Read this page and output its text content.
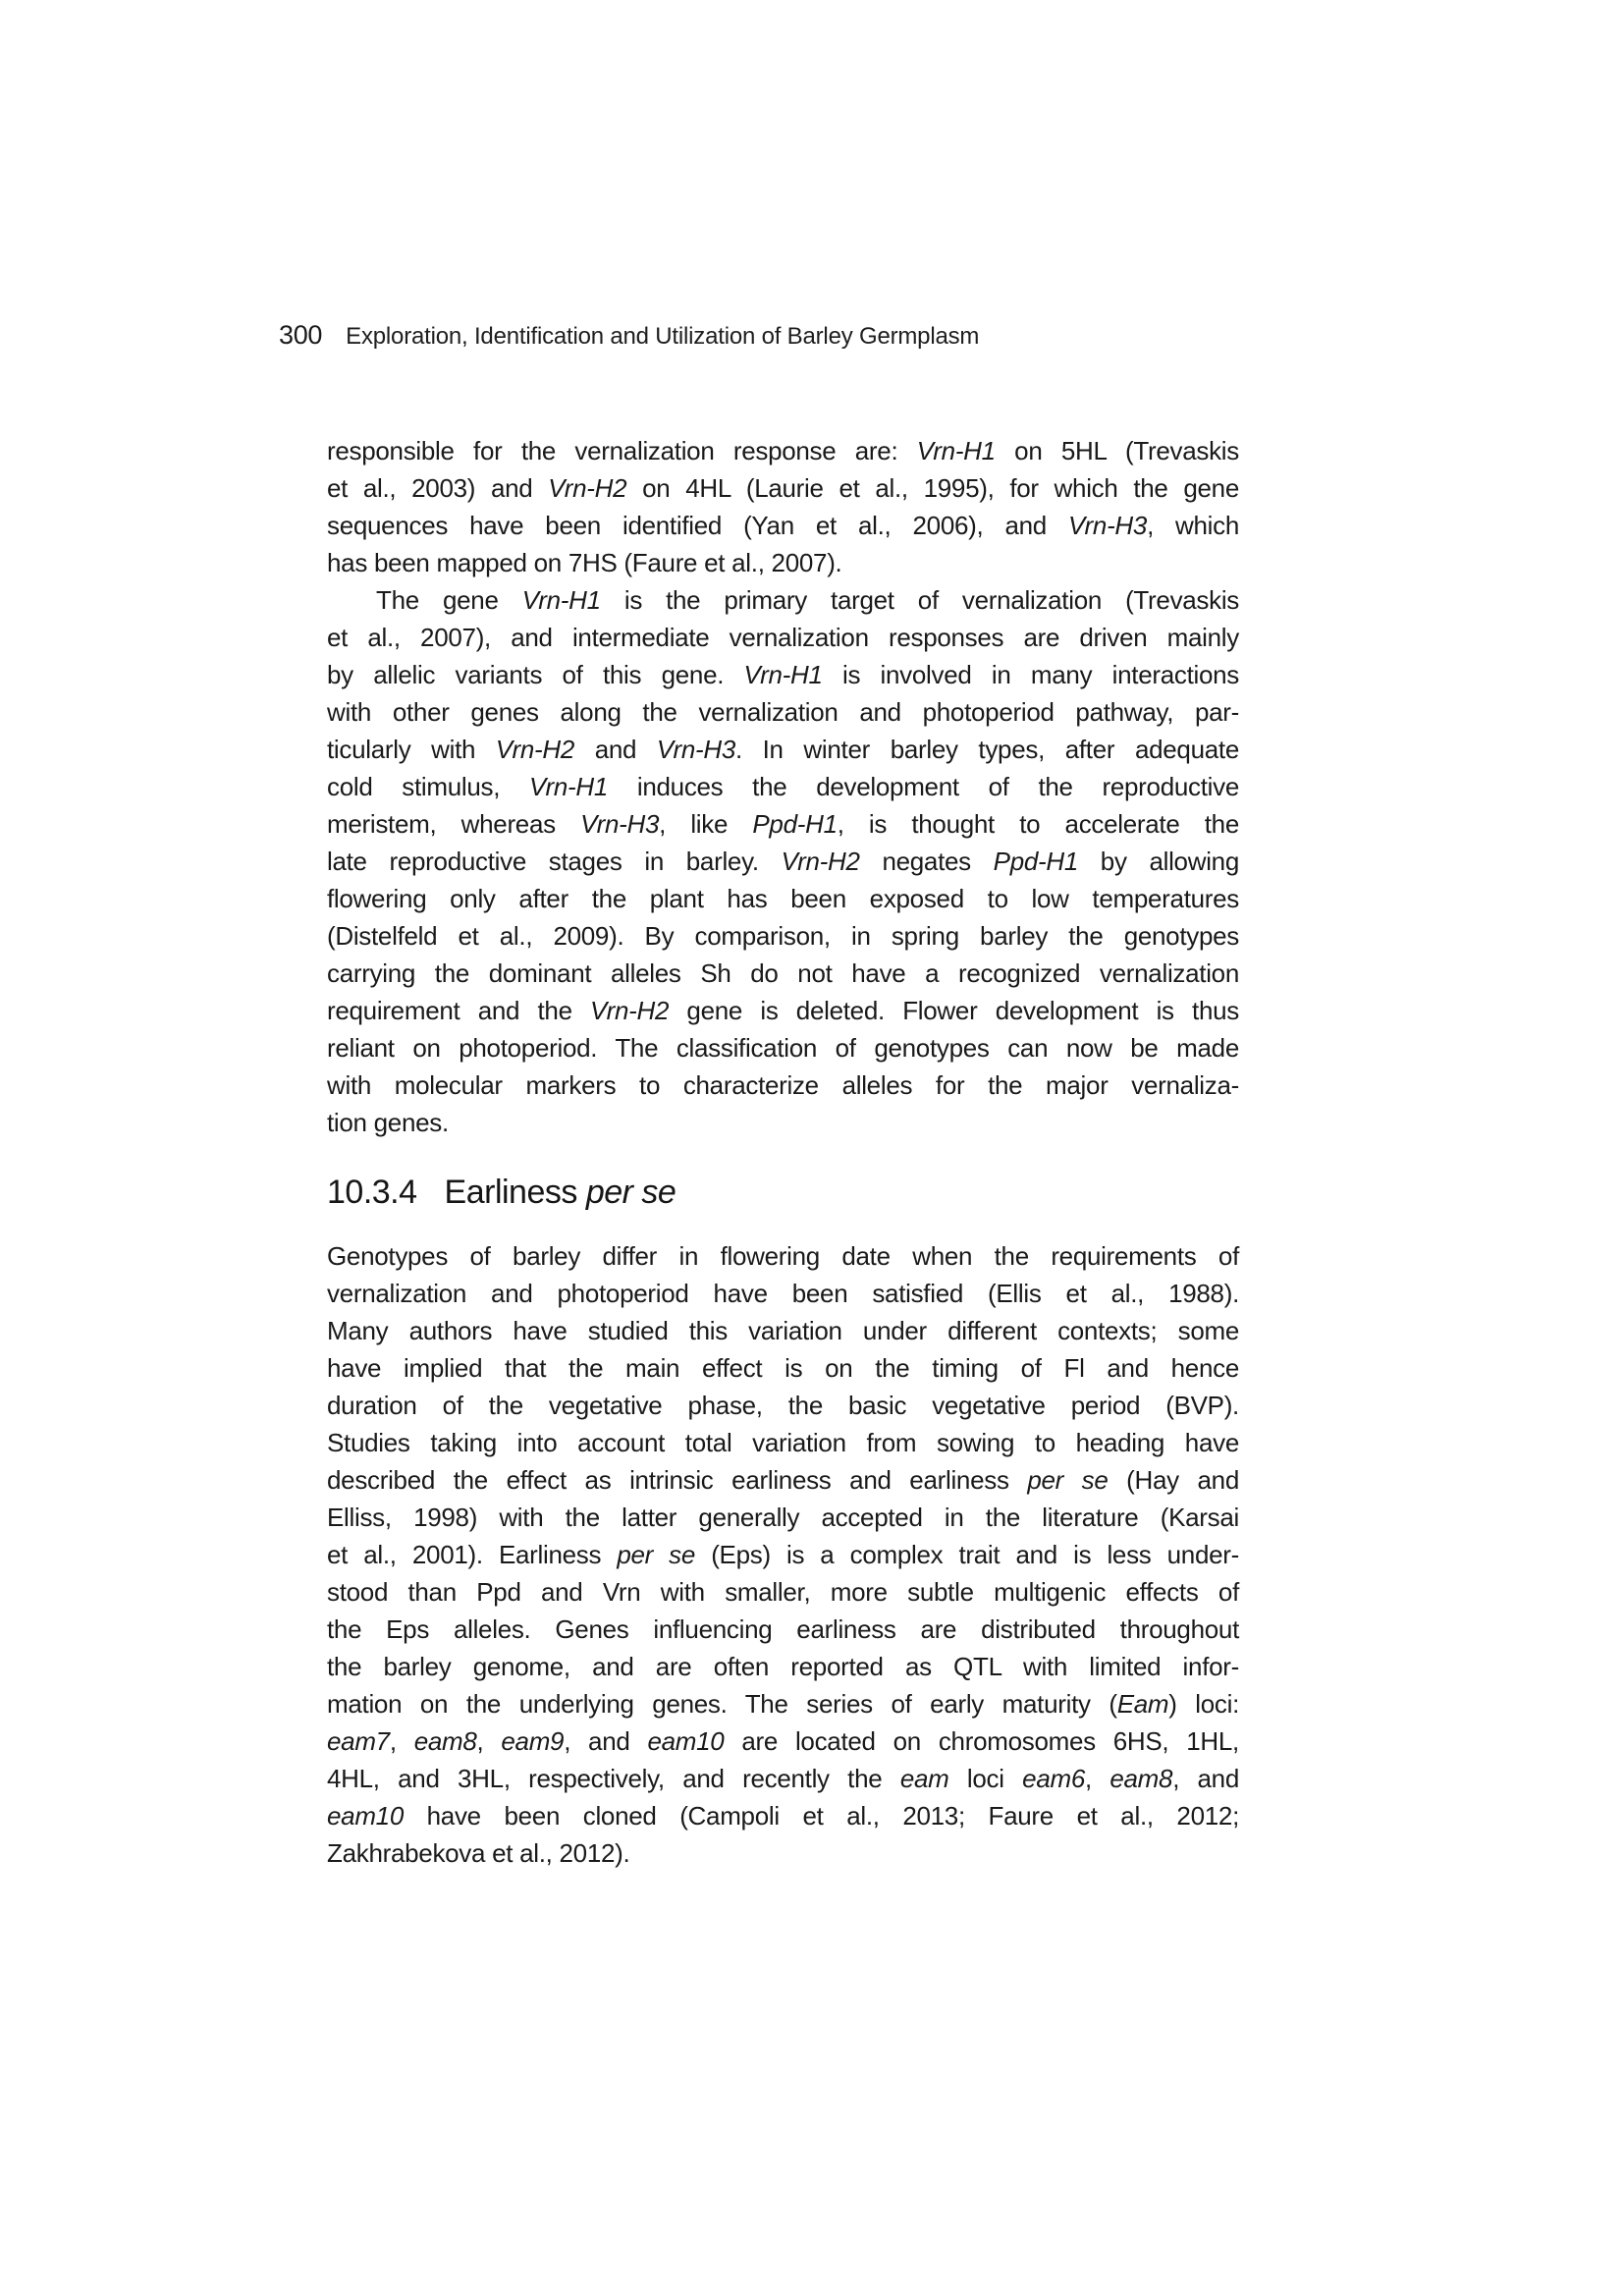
300 Exploration, Identification and Utilization of Barley Germplasm
responsible for the vernalization response are: Vrn-H1 on 5HL (Trevaskis
et al., 2003) and Vrn-H2 on 4HL (Laurie et al., 1995), for which the gene
sequences have been identified (Yan et al., 2006), and Vrn-H3, which
has been mapped on 7HS (Faure et al., 2007).
The gene Vrn-H1 is the primary target of vernalization (Trevaskis
et al., 2007), and intermediate vernalization responses are driven mainly
by allelic variants of this gene. Vrn-H1 is involved in many interactions
with other genes along the vernalization and photoperiod pathway, par-
ticularly with Vrn-H2 and Vrn-H3. In winter barley types, after adequate
cold stimulus, Vrn-H1 induces the development of the reproductive
meristem, whereas Vrn-H3, like Ppd-H1, is thought to accelerate the
late reproductive stages in barley. Vrn-H2 negates Ppd-H1 by allowing
flowering only after the plant has been exposed to low temperatures
(Distelfeld et al., 2009). By comparison, in spring barley the genotypes
carrying the dominant alleles Sh do not have a recognized vernalization
requirement and the Vrn-H2 gene is deleted. Flower development is thus
reliant on photoperiod. The classification of genotypes can now be made
with molecular markers to characterize alleles for the major vernaliza-
tion genes.
10.3.4 Earliness per se
Genotypes of barley differ in flowering date when the requirements of
vernalization and photoperiod have been satisfied (Ellis et al., 1988).
Many authors have studied this variation under different contexts; some
have implied that the main effect is on the timing of Fl and hence
duration of the vegetative phase, the basic vegetative period (BVP).
Studies taking into account total variation from sowing to heading have
described the effect as intrinsic earliness and earliness per se (Hay and
Elliss, 1998) with the latter generally accepted in the literature (Karsai
et al., 2001). Earliness per se (Eps) is a complex trait and is less under-
stood than Ppd and Vrn with smaller, more subtle multigenic effects of
the Eps alleles. Genes influencing earliness are distributed throughout
the barley genome, and are often reported as QTL with limited infor-
mation on the underlying genes. The series of early maturity (Eam) loci:
eam7, eam8, eam9, and eam10 are located on chromosomes 6HS, 1HL,
4HL, and 3HL, respectively, and recently the eam loci eam6, eam8, and
eam10 have been cloned (Campoli et al., 2013; Faure et al., 2012;
Zakhrabekova et al., 2012).
